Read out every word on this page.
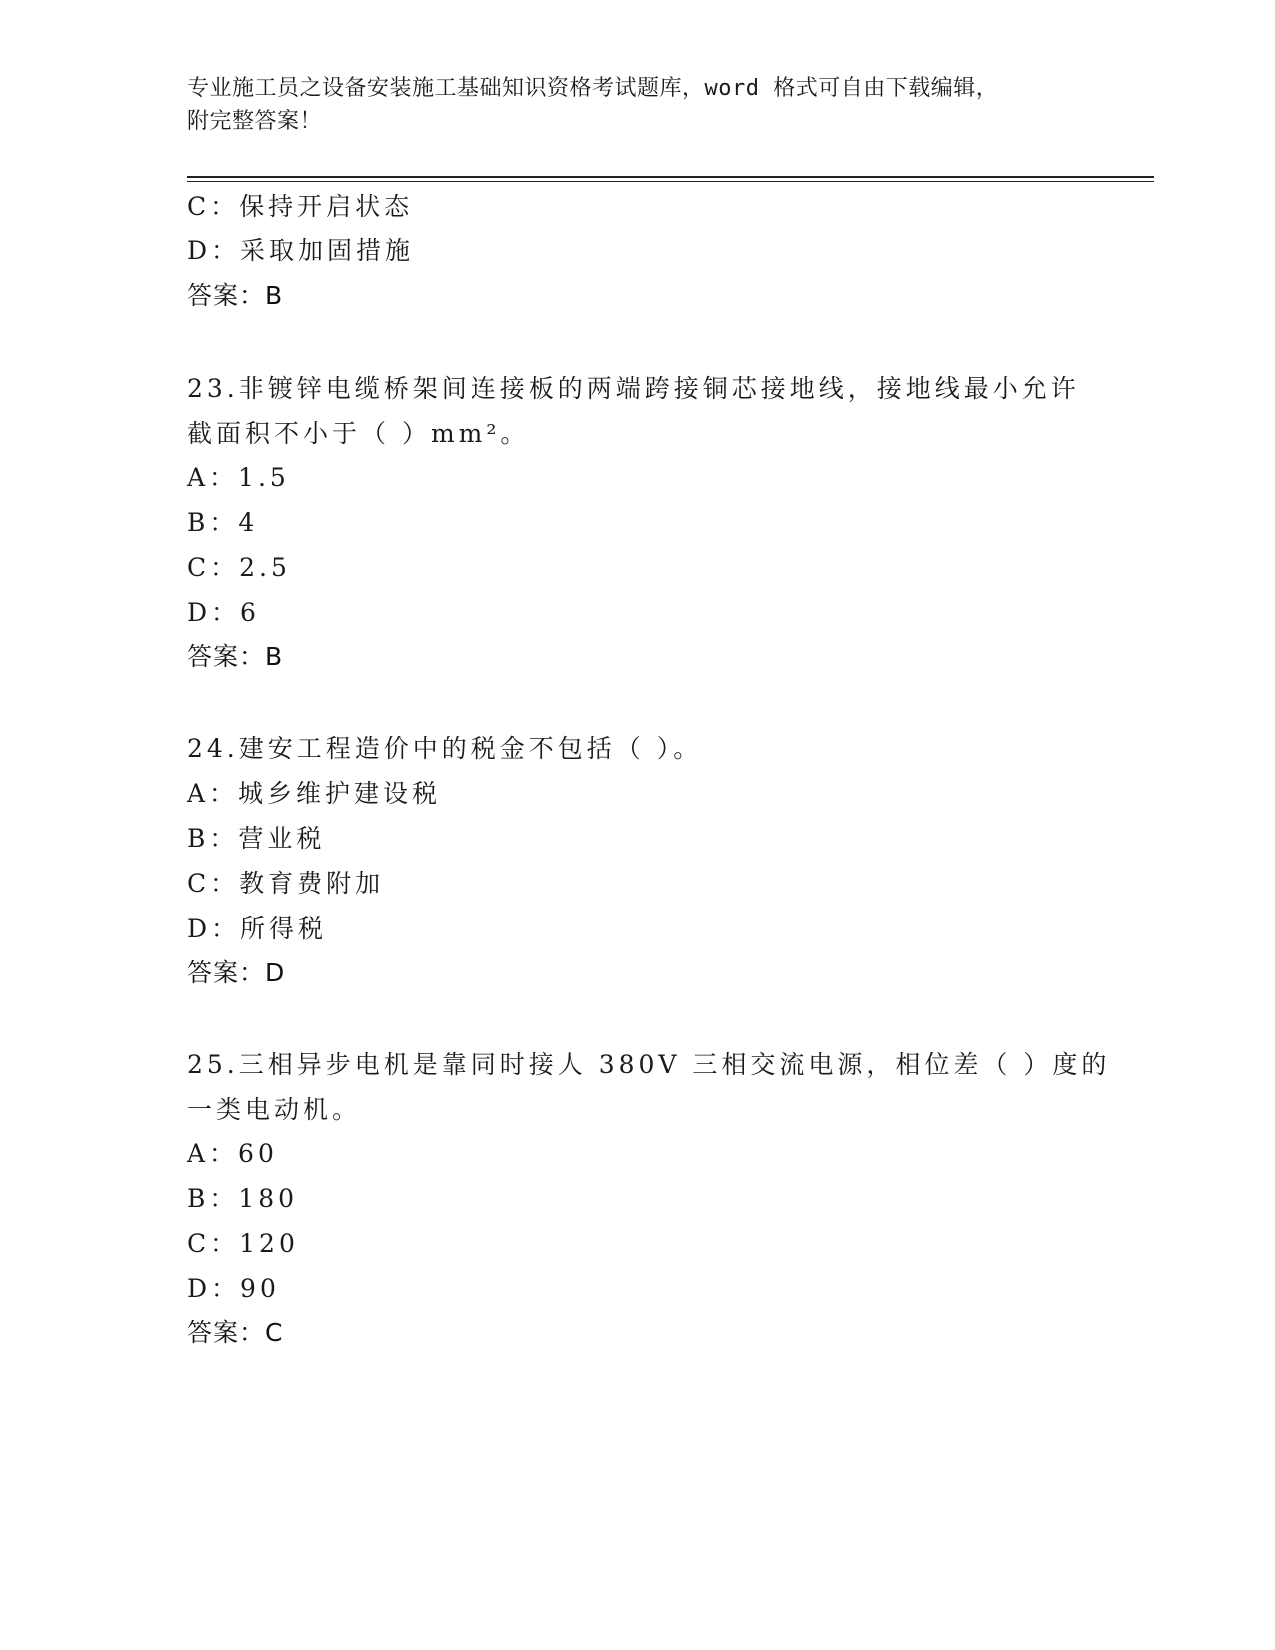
专业施工员之设备安装施工基础知识资格考试题库，word 格式可自由下载编辑，
附完整答案！
C：保持开启状态
D：采取加固措施
答案：B
23.非镀锌电缆桥架间连接板的两端跨接铜芯接地线，接地线最小允许
截面积不小于（ ）mm²。
A：1.5
B：4
C：2.5
D：6
答案：B
24.建安工程造价中的税金不包括（ ）。
A：城乡维护建设税
B：营业税
C：教育费附加
D：所得税
答案：D
25.三相异步电机是靠同时接人 380V 三相交流电源，相位差（ ）度的
一类电动机。
A：60
B：180
C：120
D：90
答案：C
